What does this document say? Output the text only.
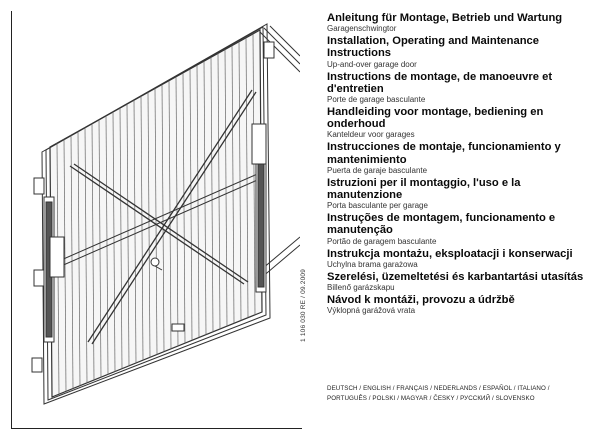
1 106 030 RE / 09.2009
Anleitung für Montage, Betrieb und Wartung
Garagenschwingtor
Installation, Operating and Maintenance Instructions
Up-and-over garage door
Instructions de montage, de manoeuvre et d'entretien
Porte de garage basculante
Handleiding voor montage, bediening en onderhoud
Kanteldeur voor garages
Instrucciones de montaje, funcionamiento y mantenimiento
Puerta de garaje basculante
Istruzioni per il montaggio, l'uso e la manutenzione
Porta basculante per garage
Instruções de montagem, funcionamento e manutenção
Portão de garagem basculante
Instrukcja montażu, eksploatacji i konserwacji
Uchylna brama garażowa
Szerelési, üzemeltetési és karbantartási utasítás
Billenő garázskapu
Návod k montáži, provozu a údržbě
Výklopná garážová vrata
DEUTSCH / ENGLISH / FRANÇAIS / NEDERLANDS / ESPAÑOL / ITALIANO /
PORTUGUÊS / POLSKI / MAGYAR / ČESKY / РУССКИЙ / SLOVENSKO
